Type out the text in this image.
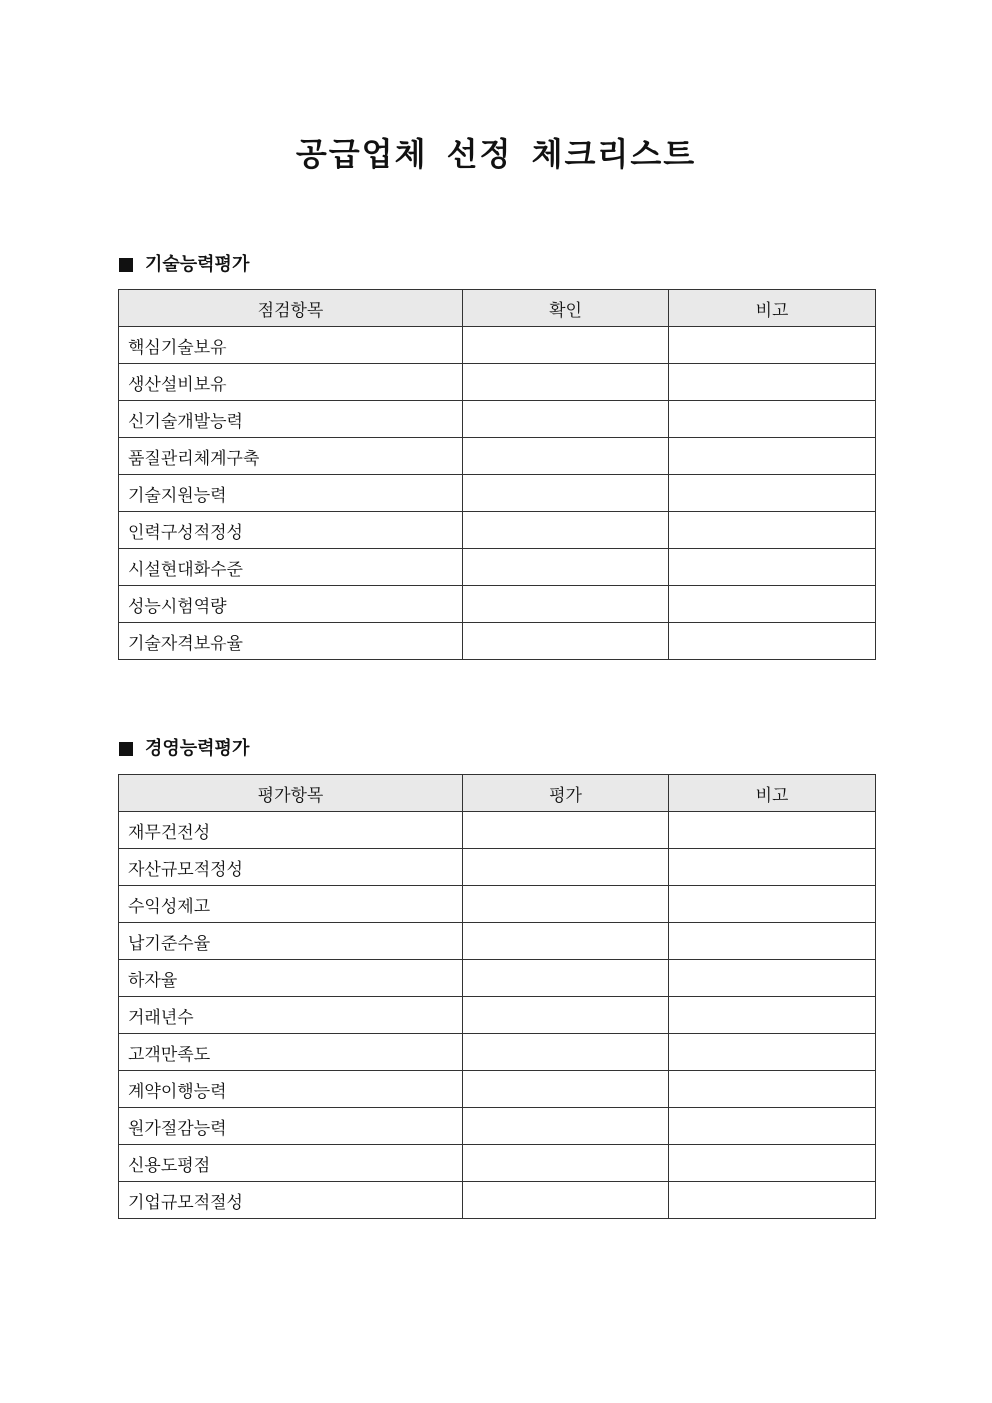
공급업체 선정 체크리스트
기술능력평가
점검항목	확인	비고
핵심기술보유		
생산설비보유		
신기술개발능력		
품질관리체계구축		
기술지원능력		
인력구성적정성		
시설현대화수준		
성능시험역량		
기술자격보유율		
경영능력평가
평가항목	평가	비고
재무건전성		
자산규모적정성		
수익성제고		
납기준수율		
하자율		
거래년수		
고객만족도		
계약이행능력		
원가절감능력		
신용도평점		
기업규모적절성		
